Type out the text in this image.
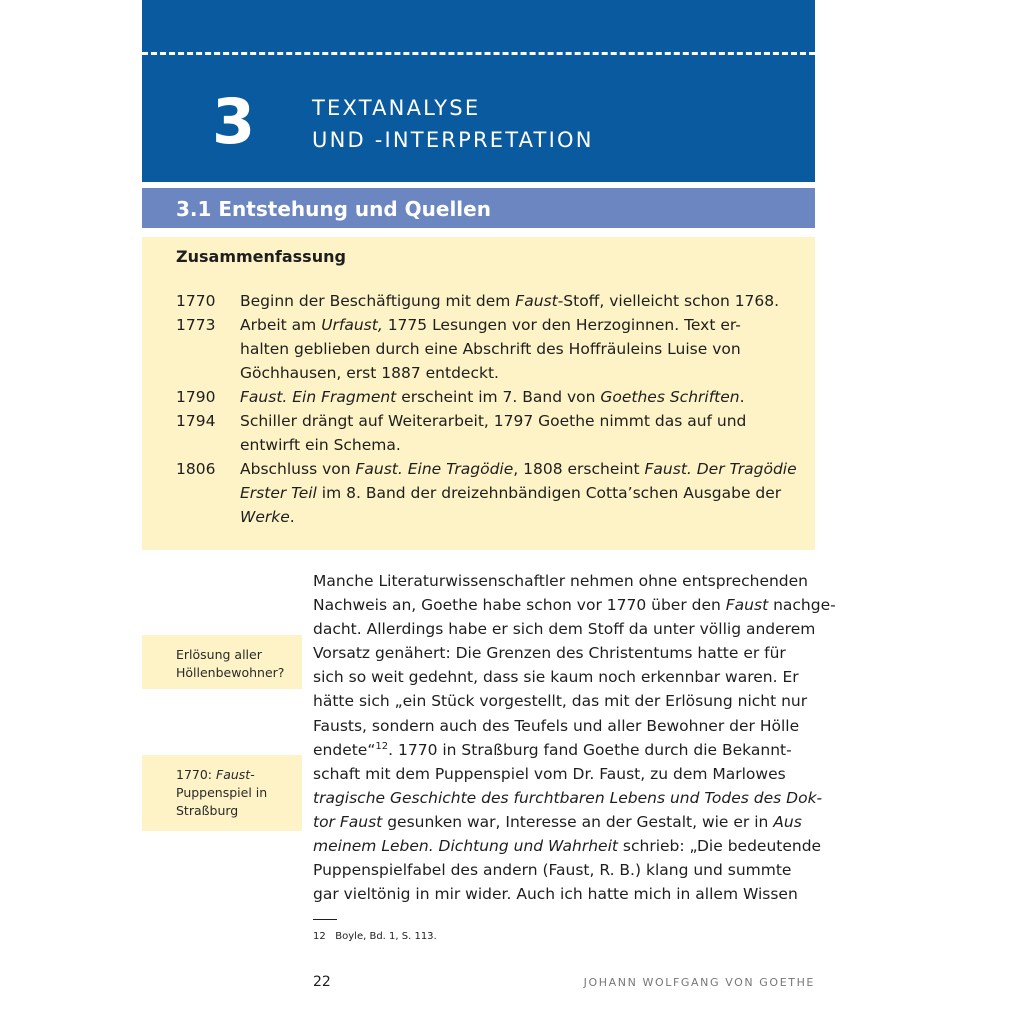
3	TEXTANALYSE
UND -INTERPRETATION
3.1 Entstehung und Quellen
Zusammenfassung
1770 Beginn der Beschäftigung mit dem Faust-Stoff, vielleicht schon 1768.
1773 Arbeit am Urfaust, 1775 Lesungen vor den Herzoginnen. Text er-
halten geblieben durch eine Abschrift des Hoffräuleins Luise von
Göchhausen, erst 1887 entdeckt.
1790 Faust. Ein Fragment erscheint im 7. Band von Goethes Schriften.
1794 Schiller drängt auf Weiterarbeit, 1797 Goethe nimmt das auf und
entwirft ein Schema.
1806 Abschluss von Faust. Eine Tragödie, 1808 erscheint Faust. Der Tragödie
Erster Teil im 8. Band der dreizehnbändigen Cotta’schen Ausgabe der
Werke.
Erlösung aller
Höllenbewohner?
1770: Faust-
Puppenspiel in
Straßburg
Manche Literaturwissenschaftler nehmen ohne entsprechenden
Nachweis an, Goethe habe schon vor 1770 über den Faust nachge-
dacht. Allerdings habe er sich dem Stoff da unter völlig anderem
Vorsatz genähert: Die Grenzen des Christentums hatte er für
sich so weit gedehnt, dass sie kaum noch erkennbar waren. Er
hätte sich „ein Stück vorgestellt, das mit der Erlösung nicht nur
Fausts, sondern auch des Teufels und aller Bewohner der Hölle
endete“$^{12}$. 1770 in Straßburg fand Goethe durch die Bekannt-
schaft mit dem Puppenspiel vom Dr. Faust, zu dem Marlowes
tragische Geschichte des furchtbaren Lebens und Todes des Dok-
tor Faust gesunken war, Interesse an der Gestalt, wie er in Aus
meinem Leben. Dichtung und Wahrheit schrieb: „Die bedeutende
Puppenspielfabel des andern (Faust, R. B.) klang und summte
gar vieltönig in mir wider. Auch ich hatte mich in allem Wissen
12 Boyle, Bd. 1, S. 113.
22	JOHANN WOLFGANG VON GOETHE
